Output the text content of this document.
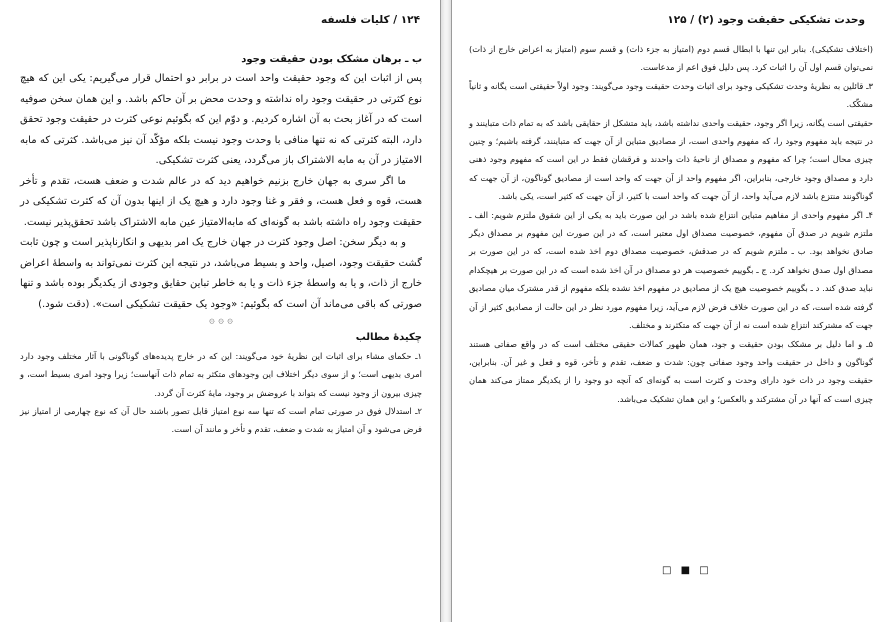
۱۲۴ / کلیات فلسفه
ب ـ برهان مشکک بودن حقیقت وجود

پس از اثبات این که وجود حقیقت واحد است در برابر دو احتمال قرار می‌گیریم: یکی این که هیچ نوع کثرتی در حقیقت وجود راه نداشته و وحدت محض بر آن حاکم باشد. و این همان سخن صوفیه است که در آغاز بحث به آن اشاره کردیم. و دوّم این که بگوئیم نوعی کثرت در حقیقت وجود تحقق دارد، البته کثرتی که نه تنها منافی با وحدت وجود نیست بلکه مؤکّد آن نیز می‌باشد. کثرتی که مابه الامتیاز در آن به مابه الاشتراک باز می‌گردد، یعنی کثرت تشکیکی.

ما اگر سری به جهان خارج بزنیم خواهیم دید که در عالم شدت و ضعف هست، تقدم و تأخر هست، قوه و فعل هست، و فقر و غنا وجود دارد و هیچ یک از اینها بدون آن که کثرت تشکیکی در حقیقت وجود راه داشته باشد به گونه‌ای که مابه‌الامتیاز عین مابه الاشتراک باشد تحقق‌پذیر نیست.

و به دیگر سخن: اصل وجود کثرت در جهان خارج یک امر بدیهی و انکارناپذیر است و چون ثابت گشت حقیقت وجود، اصیل، واحد و بسیط می‌باشد، در نتیجه این کثرت نمی‌تواند به واسطهٔ اعراض خارج از ذات، و یا به واسطهٔ جزء ذات و یا به خاطر تباین حقایق وجودی از یکدیگر بوده باشد و تنها صورتی که باقی می‌ماند آن است که بگوئیم: «وجود یک حقیقت تشکیکی است». (دقت شود.)

۞ ۞ ۞
چکیدهٔ مطالب

۱ـ حکمای مشاء برای اثبات این نظریهٔ خود می‌گویند: این که در خارج پدیده‌های گوناگونی با آثار مختلف وجود دارد امری بدیهی است؛ و از سوی دیگر اختلاف این وجودهای متکثر به تمام ذات آنهاست؛ زیرا وجود امری بسیط است، و چیزی بیرون از وجود نیست که بتواند با عروضش بر وجود، مایهٔ کثرت آن گردد.

۲ـ استدلال فوق در صورتی تمام است که تنها سه نوع امتیاز قابل تصور باشند حال آن که نوع چهارمی از امتیاز نیز فرض می‌شود و آن امتیاز به شدت و ضعف، تقدم و تأخر و مانند آن است.

وحدت تشکیکی حقیقت وجود (۲) / ۱۲۵

(اختلاف تشکیکی). بنابر این تنها با ابطال قسم دوم (امتیاز به جزء ذات) و قسم سوم (امتیاز به اعراض خارج از ذات) نمی‌توان قسم اول آن را اثبات کرد. پس دلیل فوق اعم از مدعاست.

۳ـ قائلین به نظریهٔ وحدت تشکیکی وجود برای اثبات وحدت حقیقت وجود می‌گویند: وجود اولاً حقیقتی است یگانه و ثانیاً مشکّک.

حقیقتی است یگانه، زیرا اگر وجود، حقیقت واحدی نداشته باشد، باید متشکل از حقایقی باشد که به تمام ذات متباینند و در نتیجه باید مفهوم وجود را، که مفهوم واحدی است، از مصادیق متباین از آن جهت که متباینند، گرفته باشیم؛ و چنین چیزی محال است؛ چرا که مفهوم و مصداق از ناحیهٔ ذات واحدند و فرقشان فقط در این است که مفهوم وجود ذهنی دارد و مصداق وجود خارجی، بنابراین، اگر مفهوم واحد از آن جهت که واحد است از مصادیق گوناگون، از آن جهت که گوناگونند منتزع باشد لازم می‌آید واحد، از آن جهت که واحد است با کثیر، از آن جهت که کثیر است، یکی باشد.

۴ـ اگر مفهوم واحدی از مفاهیم متباین انتزاع شده باشد در این صورت باید به یکی از این شقوق ملتزم شویم: الف ـ ملتزم شویم در صدق آن مفهوم، خصوصیت مصداق اول معتبر است، که در این صورت این مفهوم بر مصداق دیگر صادق نخواهد بود. ب ـ ملتزم شویم که در صدقش، خصوصیت مصداق دوم اخذ شده است، که در این صورت بر مصداق اول صدق نخواهد کرد. ج ـ بگوییم خصوصیت هر دو مصداق در آن اخذ شده است که در این صورت بر هیچکدام نباید صدق کند. د ـ بگوییم خصوصیت هیچ یک از مصادیق در مفهوم اخذ نشده بلکه مفهوم از قدر مشترک میان مصادیق گرفته شده است، که در این صورت خلاف فرض لازم می‌آید، زیرا مفهوم مورد نظر در این حالت از مصادیق کثیر از آن جهت که مشترکند انتزاع شده است نه از آن جهت که متکثرند و مختلف.

۵ـ و اما دلیل بر مشکک بودن حقیقت و جود، همان ظهور کمالات حقیقی مختلف است که در واقع صفاتی هستند گوناگون و داخل در حقیقت واحد وجود صفاتی چون: شدت و ضعف، تقدم و تأخر، قوه و فعل و غیر آن. بنابراین، حقیقت وجود در ذات خود دارای وحدت و کثرت است به گونه‌ای که آنچه دو وجود را از یکدیگر ممتاز می‌کند همان چیزی است که آنها در آن مشترکند و بالعکس؛ و این همان تشکیک می‌باشد.

□ ■ □
